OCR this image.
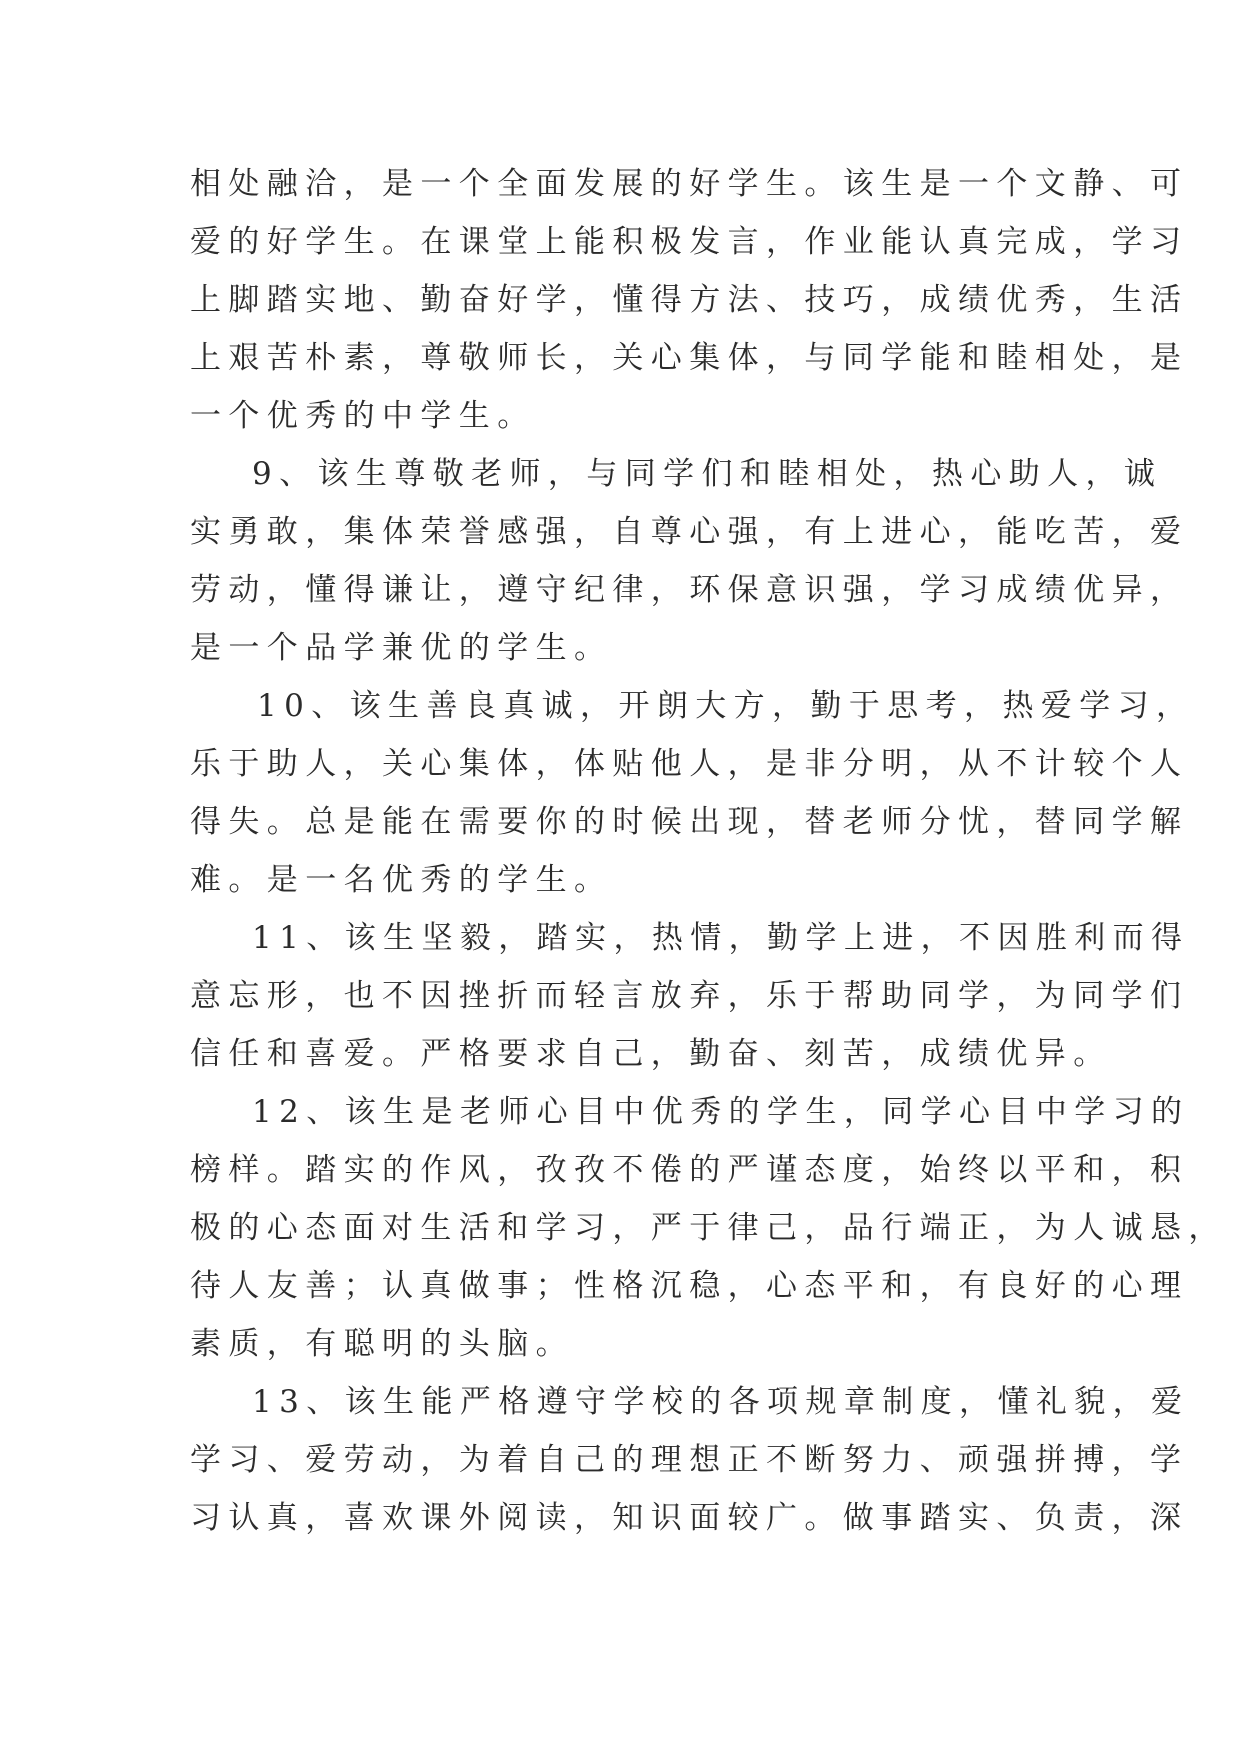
相处融洽，是一个全面发展的好学生。该生是一个文静、可

爱的好学生。在课堂上能积极发言，作业能认真完成，学习

上脚踏实地、勤奋好学，懂得方法、技巧，成绩优秀，生活

上艰苦朴素，尊敬师长，关心集体，与同学能和睦相处，是

一个优秀的中学生。

9、该生尊敬老师，与同学们和睦相处，热心助人，诚

实勇敢，集体荣誉感强，自尊心强，有上进心，能吃苦，爱

劳动，懂得谦让，遵守纪律，环保意识强，学习成绩优异，

是一个品学兼优的学生。

10、该生善良真诚，开朗大方，勤于思考，热爱学习，

乐于助人，关心集体，体贴他人，是非分明，从不计较个人

得失。总是能在需要你的时候出现，替老师分忧，替同学解

难。是一名优秀的学生。

11、该生坚毅，踏实，热情，勤学上进，不因胜利而得

意忘形，也不因挫折而轻言放弃，乐于帮助同学，为同学们

信任和喜爱。严格要求自己，勤奋、刻苦，成绩优异。

12、该生是老师心目中优秀的学生，同学心目中学习的

榜样。踏实的作风，孜孜不倦的严谨态度，始终以平和，积

极的心态面对生活和学习，严于律己，品行端正，为人诚恳，

待人友善；认真做事；性格沉稳，心态平和，有良好的心理

素质，有聪明的头脑。

13、该生能严格遵守学校的各项规章制度，懂礼貌，爱

学习、爱劳动，为着自己的理想正不断努力、顽强拼搏，学

习认真，喜欢课外阅读，知识面较广。做事踏实、负责，深
